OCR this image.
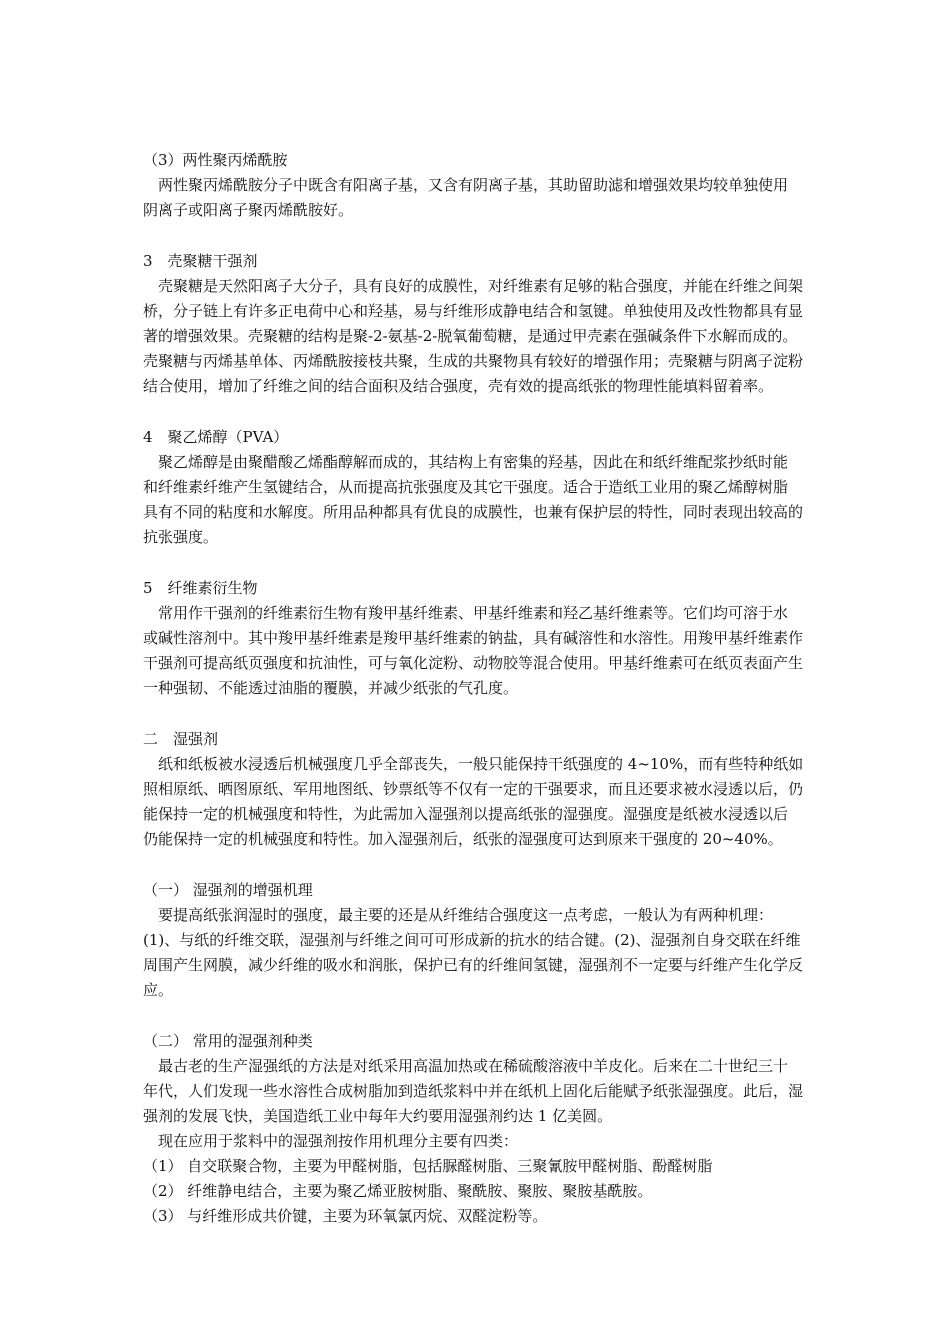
（3）两性聚丙烯酰胺
　两性聚丙烯酰胺分子中既含有阳离子基，又含有阴离子基，其助留助滤和增强效果均较单独使用
阴离子或阳离子聚丙烯酰胺好。
3　壳聚糖干强剂
　壳聚糖是天然阳离子大分子，具有良好的成膜性，对纤维素有足够的粘合强度，并能在纤维之间架
桥，分子链上有许多正电荷中心和羟基，易与纤维形成静电结合和氢键。单独使用及改性物都具有显
著的增强效果。壳聚糖的结构是聚-2-氨基-2-脱氧葡萄糖，是通过甲壳素在强碱条件下水解而成的。
壳聚糖与丙烯基单体、丙烯酰胺接枝共聚，生成的共聚物具有较好的增强作用；壳聚糖与阴离子淀粉
结合使用，增加了纤维之间的结合面积及结合强度，壳有效的提高纸张的物理性能填料留着率。
4　聚乙烯醇（PVA）
　聚乙烯醇是由聚醋酸乙烯酯醇解而成的，其结构上有密集的羟基，因此在和纸纤维配浆抄纸时能
和纤维素纤维产生氢键结合，从而提高抗张强度及其它干强度。适合于造纸工业用的聚乙烯醇树脂
具有不同的粘度和水解度。所用品种都具有优良的成膜性，也兼有保护层的特性，同时表现出较高的
抗张强度。
5　纤维素衍生物
　常用作干强剂的纤维素衍生物有羧甲基纤维素、甲基纤维素和羟乙基纤维素等。它们均可溶于水
或碱性溶剂中。其中羧甲基纤维素是羧甲基纤维素的钠盐，具有碱溶性和水溶性。用羧甲基纤维素作
干强剂可提高纸页强度和抗油性，可与氧化淀粉、动物胶等混合使用。甲基纤维素可在纸页表面产生
一种强韧、不能透过油脂的覆膜，并减少纸张的气孔度。
二　湿强剂
　纸和纸板被水浸透后机械强度几乎全部丧失，一般只能保持干纸强度的 4~10%，而有些特种纸如
照相原纸、晒图原纸、军用地图纸、钞票纸等不仅有一定的干强要求，而且还要求被水浸透以后，仍
能保持一定的机械强度和特性，为此需加入湿强剂以提高纸张的湿强度。湿强度是纸被水浸透以后
仍能保持一定的机械强度和特性。加入湿强剂后，纸张的湿强度可达到原来干强度的 20~40%。
（一） 湿强剂的增强机理
　要提高纸张润湿时的强度，最主要的还是从纤维结合强度这一点考虑，一般认为有两种机理：
(1)、与纸的纤维交联，湿强剂与纤维之间可可形成新的抗水的结合键。(2)、湿强剂自身交联在纤维
周围产生网膜，减少纤维的吸水和润胀，保护已有的纤维间氢键，湿强剂不一定要与纤维产生化学反
应。
（二） 常用的湿强剂种类
　最古老的生产湿强纸的方法是对纸采用高温加热或在稀硫酸溶液中羊皮化。后来在二十世纪三十
年代，人们发现一些水溶性合成树脂加到造纸浆料中并在纸机上固化后能赋予纸张湿强度。此后，湿
强剂的发展飞快，美国造纸工业中每年大约要用湿强剂约达 1 亿美圆。
　现在应用于浆料中的湿强剂按作用机理分主要有四类：
（1） 自交联聚合物，主要为甲醛树脂，包括脲醛树脂、三聚氰胺甲醛树脂、酚醛树脂
（2） 纤维静电结合，主要为聚乙烯亚胺树脂、聚酰胺、聚胺、聚胺基酰胺。
（3） 与纤维形成共价键，主要为环氧氯丙烷、双醛淀粉等。
